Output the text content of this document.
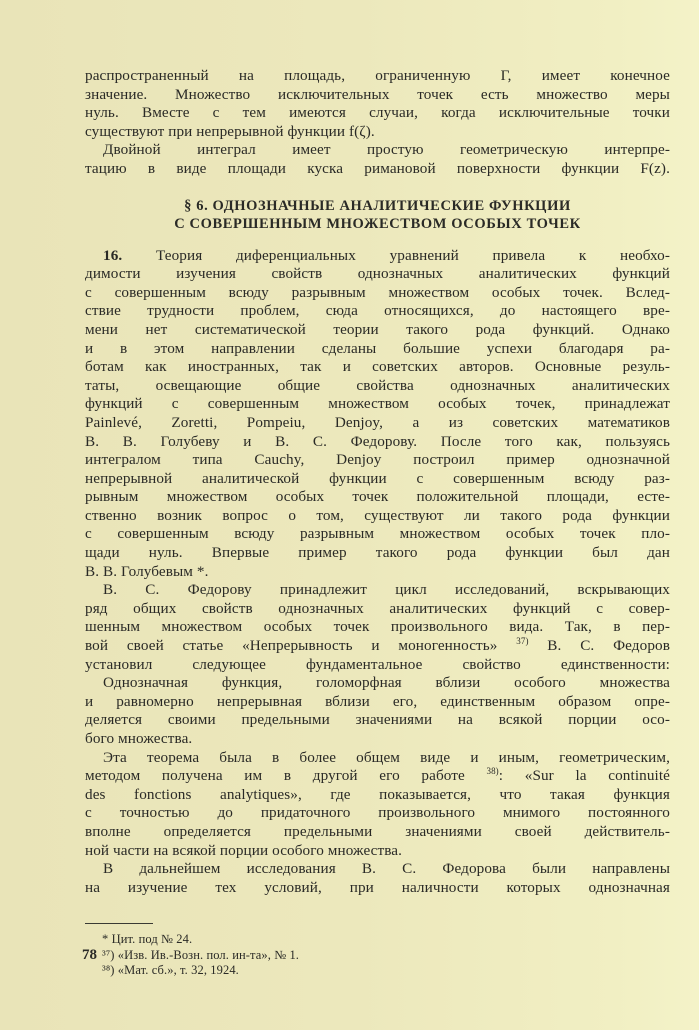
распространенный на площадь, ограниченную Γ, имеет конечное
значение. Множество исключительных точек есть множество меры
нуль. Вместе с тем имеются случаи, когда исключительные точки
существуют при непрерывной функции f(ζ).

Двойной интеграл имеет простую геометрическую интерпре-
тацию в виде площади куска римановой поверхности функции F(z).

§ 6. ОДНОЗНАЧНЫЕ АНАЛИТИЧЕСКИЕ ФУНКЦИИ
С СОВЕРШЕННЫМ МНОЖЕСТВОМ ОСОБЫХ ТОЧЕК

16. Теория диференциальных уравнений привела к необхо-
димости изучения свойств однозначных аналитических функций
с совершенным всюду разрывным множеством особых точек. Вслед-
ствие трудности проблем, сюда относящихся, до настоящего вре-
мени нет систематической теории такого рода функций. Однако
и в этом направлении сделаны большие успехи благодаря ра-
ботам как иностранных, так и советских авторов. Основные резуль-
таты, освещающие общие свойства однозначных аналитических
функций с совершенным множеством особых точек, принадлежат
Painlevé, Zoretti, Pompeiu, Denjoy, а из советских математиков
В. В. Голубеву и В. С. Федорову. После того как, пользуясь
интегралом типа Cauchy, Denjoy построил пример однозначной
непрерывной аналитической функции с совершенным всюду раз-
рывным множеством особых точек положительной площади, есте-
ственно возник вопрос о том, существуют ли такого рода функции
с совершенным всюду разрывным множеством особых точек пло-
щади нуль. Впервые пример такого рода функции был дан
В. В. Голубевым *.

В. С. Федорову принадлежит цикл исследований, вскрывающих
ряд общих свойств однозначных аналитических функций с совер-
шенным множеством особых точек произвольного вида. Так, в пер-
вой своей статье «Непрерывность и моногенность» $^{37)}$ В. С. Федоров
установил следующее фундаментальное свойство единственности:

Однозначная функция, голоморфная вблизи особого множества
и равномерно непрерывная вблизи его, единственным образом опре-
деляется своими предельными значениями на всякой порции осо-
бого множества.

Эта теорема была в более общем виде и иным, геометрическим,
методом получена им в другой его работе $^{38)}$: «Sur la continuité
des fonctions analytiques», где показывается, что такая функция
с точностью до придаточного произвольного мнимого постоянного
вполне определяется предельными значениями своей действитель-
ной части на всякой порции особого множества.

В дальнейшем исследования В. С. Федорова были направлены
на изучение тех условий, при наличности которых однозначная

* Цит. под № 24.
³⁷) «Изв. Ив.-Возн. пол. ин-та», № 1.
³⁸) «Мат. сб.», т. 32, 1924.
78
